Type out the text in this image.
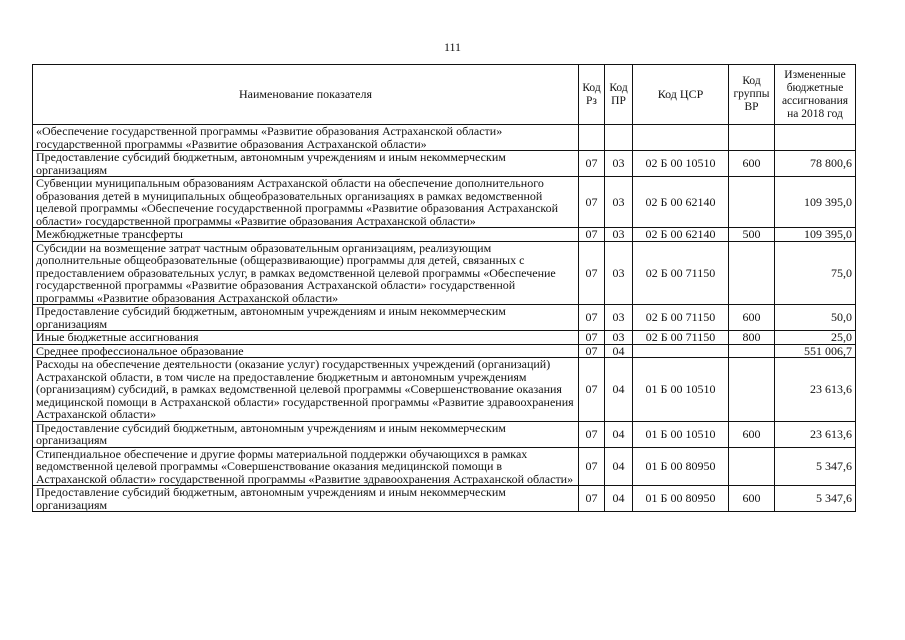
111
Наименование показателя	Код Рз	Код ПР	Код ЦСР	Код группы ВР	Измененные бюджетные ассигнования на 2018 год
«Обеспечение государственной программы «Развитие образования Астраханской области» государственной программы «Развитие образования Астраханской области»					
Предоставление субсидий бюджетным, автономным учреждениям и иным некоммерческим организациям	07	03	02 Б 00 10510	600	78 800,6
Субвенции муниципальным образованиям Астраханской области на обеспечение дополнительного образования детей в муниципальных общеобразовательных организациях в рамках ведомственной целевой программы «Обеспечение государственной программы «Развитие образования Астраханской области» государственной программы «Развитие образования Астраханской области»	07	03	02 Б 00 62140		109 395,0
Межбюджетные трансферты	07	03	02 Б 00 62140	500	109 395,0
Субсидии на возмещение затрат частным образовательным организациям, реализующим дополнительные общеобразовательные (общеразвивающие) программы для детей, связанных с предоставлением образовательных услуг, в рамках ведомственной целевой программы «Обеспечение государственной программы «Развитие образования Астраханской области» государственной программы «Развитие образования Астраханской области»	07	03	02 Б 00 71150		75,0
Предоставление субсидий бюджетным, автономным учреждениям и иным некоммерческим организациям	07	03	02 Б 00 71150	600	50,0
Иные бюджетные ассигнования	07	03	02 Б 00 71150	800	25,0
Среднее профессиональное образование	07	04			551 006,7
Расходы на обеспечение деятельности (оказание услуг) государственных учреждений (организаций) Астраханской области, в том числе на предоставление бюджетным и автономным учреждениям (организациям) субсидий, в рамках ведомственной целевой программы «Совершенствование оказания медицинской помощи в Астраханской области» государственной программы «Развитие здравоохранения Астраханской области»	07	04	01 Б 00 10510		23 613,6
Предоставление субсидий бюджетным, автономным учреждениям и иным некоммерческим организациям	07	04	01 Б 00 10510	600	23 613,6
Стипендиальное обеспечение и другие формы материальной поддержки обучающихся в рамках ведомственной целевой программы «Совершенствование оказания медицинской помощи в Астраханской области» государственной программы «Развитие здравоохранения Астраханской области»	07	04	01 Б 00 80950		5 347,6
Предоставление субсидий бюджетным, автономным учреждениям и иным некоммерческим организациям	07	04	01 Б 00 80950	600	5 347,6
